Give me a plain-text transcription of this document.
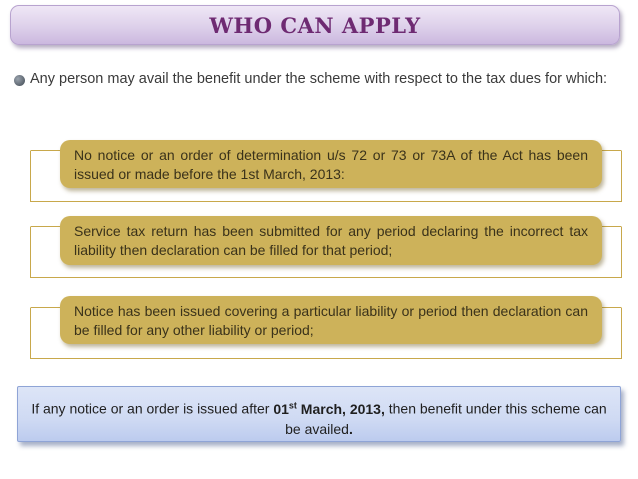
WHO CAN APPLY
Any person may avail the benefit under the scheme with respect to the tax dues for which:
No notice or an order of determination u/s 72 or 73 or 73A of the Act has been issued or made before the 1st March, 2013:
Service tax return has been submitted for any period declaring the incorrect tax liability then declaration can be filled for that period;
Notice has been issued covering a particular liability or period then declaration can be filled for any other liability or period;
If any notice or an order is issued after 01st March, 2013, then benefit under this scheme can be availed.
